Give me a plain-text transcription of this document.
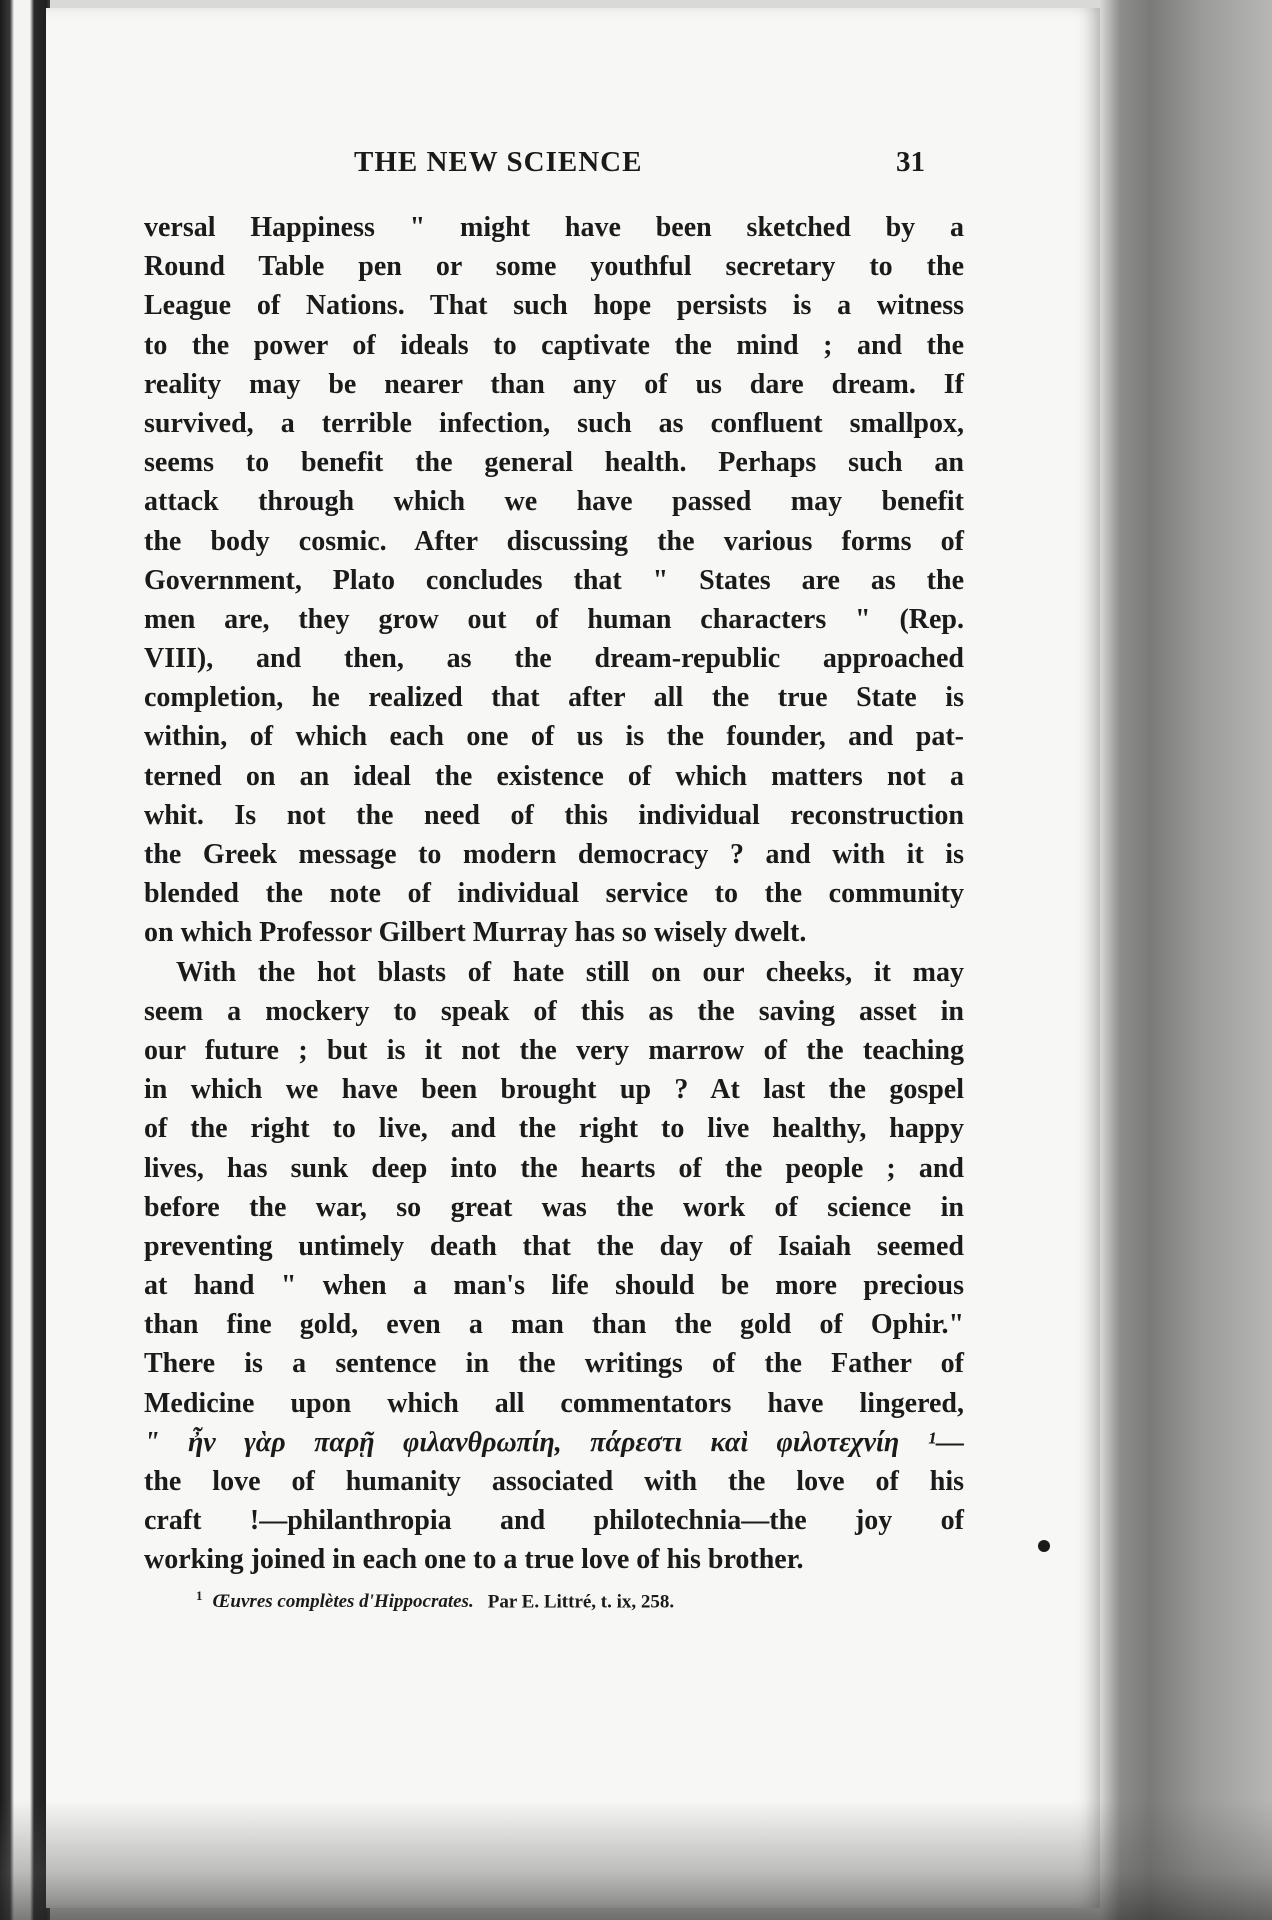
THE NEW SCIENCE	31
versal Happiness " might have been sketched by a
Round Table pen or some youthful secretary to the
League of Nations. That such hope persists is a witness
to the power of ideals to captivate the mind ; and the
reality may be nearer than any of us dare dream. If
survived, a terrible infection, such as confluent smallpox,
seems to benefit the general health. Perhaps such an
attack through which we have passed may benefit
the body cosmic. After discussing the various forms of
Government, Plato concludes that " States are as the
men are, they grow out of human characters " (Rep.
VIII), and then, as the dream-republic approached
completion, he realized that after all the true State is
within, of which each one of us is the founder, and pat-
terned on an ideal the existence of which matters not a
whit. Is not the need of this individual reconstruction
the Greek message to modern democracy ? and with it is
blended the note of individual service to the community
on which Professor Gilbert Murray has so wisely dwelt.
With the hot blasts of hate still on our cheeks, it may
seem a mockery to speak of this as the saving asset in
our future ; but is it not the very marrow of the teaching
in which we have been brought up ? At last the gospel
of the right to live, and the right to live healthy, happy
lives, has sunk deep into the hearts of the people ; and
before the war, so great was the work of science in
preventing untimely death that the day of Isaiah seemed
at hand " when a man's life should be more precious
than fine gold, even a man than the gold of Ophir."
There is a sentence in the writings of the Father of
Medicine upon which all commentators have lingered,
" ἦν γὰρ παρῇ φιλανθρωπίη, πάρεστι καὶ φιλοτεχνίη ¹—
the love of humanity associated with the love of his
craft !—philanthropia and philotechnia—the joy of
working joined in each one to a true love of his brother.
$^1$ Œuvres complètes d'Hippocrates. Par E. Littré, t. ix, 258.
